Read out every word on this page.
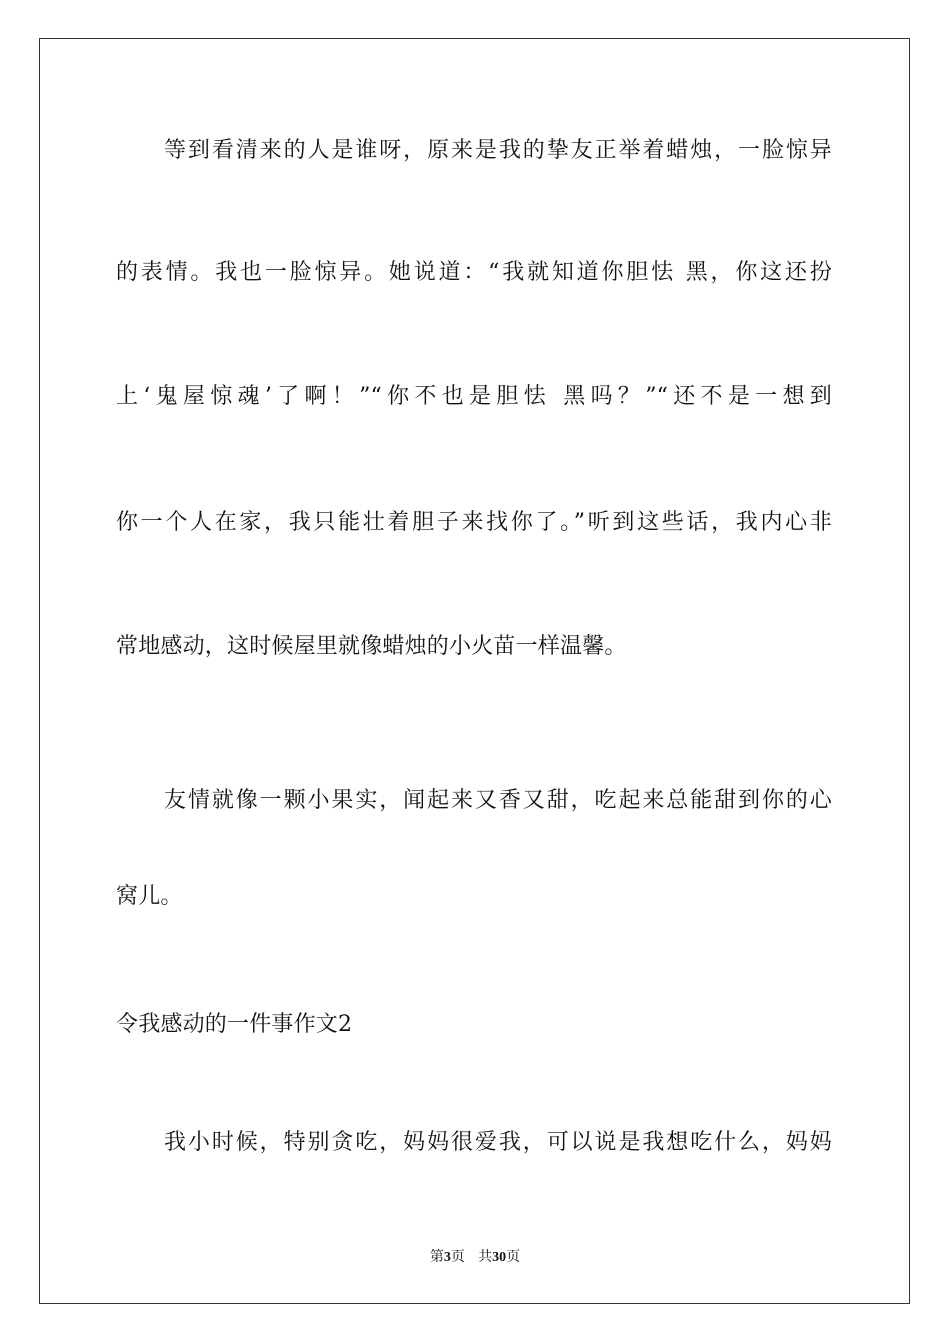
等到看清来的人是谁呀，原来是我的挚友正举着蜡烛，一脸惊异
的表情。我也一脸惊异。她说道：“我就知道你胆怯 黑，你这还扮
上‘鬼屋惊魂’了啊！”“你不也是胆怯 黑吗？”“还不是一想到
你一个人在家，我只能壮着胆子来找你了。”听到这些话，我内心非
常地感动，这时候屋里就像蜡烛的小火苗一样温馨。
友情就像一颗小果实，闻起来又香又甜，吃起来总能甜到你的心
窝儿。
令我感动的一件事作文2
我小时候，特别贪吃，妈妈很爱我，可以说是我想吃什么，妈妈
第3页 共30页
